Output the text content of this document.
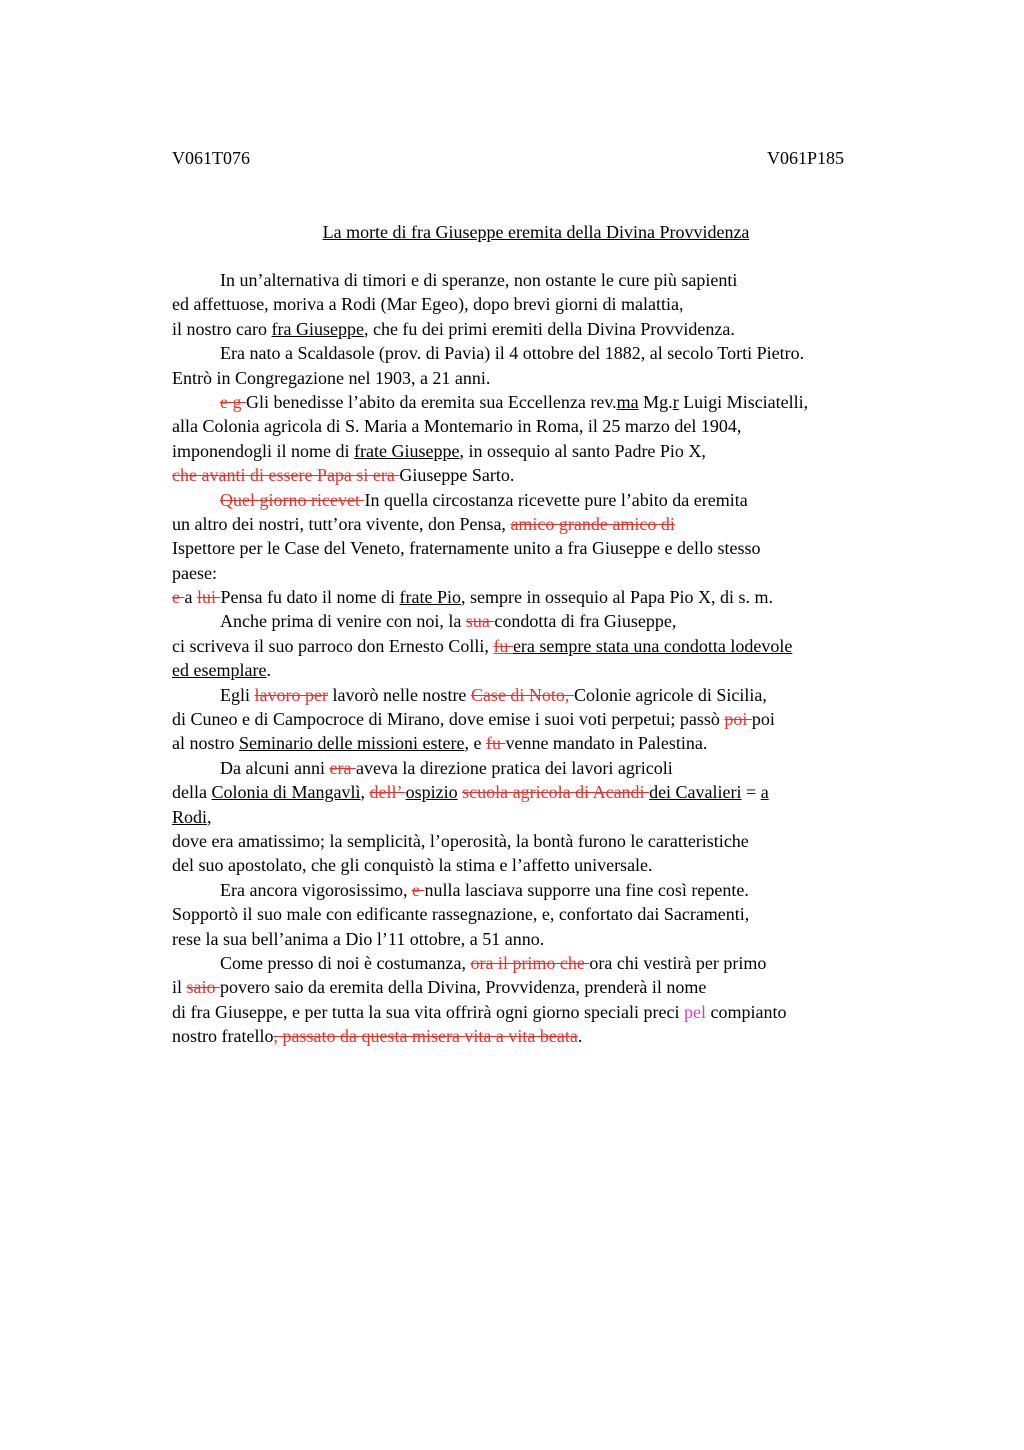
V061T076	V061P185
La morte di fra Giuseppe eremita della Divina Provvidenza
In un’alternativa di timori e di speranze, non ostante le cure più sapienti
ed affettuose, moriva a Rodi (Mar Egeo), dopo brevi giorni di malattia,
il nostro caro fra Giuseppe, che fu dei primi eremiti della Divina Provvidenza.
Era nato a Scaldasole (prov. di Pavia) il 4 ottobre del 1882, al secolo Torti Pietro.
Entrò in Congregazione nel 1903, a 21 anni.
e g Gli benedisse l’abito da eremita sua Eccellenza rev.ma Mg.r Luigi Misciatelli,
alla Colonia agricola di S. Maria a Montemario in Roma, il 25 marzo del 1904,
imponendogli il nome di frate Giuseppe, in ossequio al santo Padre Pio X,
che avanti di essere Papa si era Giuseppe Sarto.
Quel giorno ricevet In quella circostanza ricevette pure l’abito da eremita
un altro dei nostri, tutt’ora vivente, don Pensa, amico grande amico di
Ispettore per le Case del Veneto, fraternamente unito a fra Giuseppe e dello stesso
paese:
e a lui Pensa fu dato il nome di frate Pio, sempre in ossequio al Papa Pio X, di s. m.
Anche prima di venire con noi, la sua condotta di fra Giuseppe,
ci scriveva il suo parroco don Ernesto Colli, fu era sempre stata una condotta lodevole
ed esemplare.
Egli lavoro per lavorò nelle nostre Case di Noto, Colonie agricole di Sicilia,
di Cuneo e di Campocroce di Mirano, dove emise i suoi voti perpetui; passò poi poi
al nostro Seminario delle missioni estere, e fu venne mandato in Palestina.
Da alcuni anni era aveva la direzione pratica dei lavori agricoli
della Colonia di Mangavlì, dell’ ospizio scuola agricola di Acandi dei Cavalieri = a
Rodi,
dove era amatissimo; la semplicità, l’operosità, la bontà furono le caratteristiche
del suo apostolato, che gli conquistò la stima e l’affetto universale.
Era ancora vigorosissimo, e nulla lasciava supporre una fine così repente.
Sopportò il suo male con edificante rassegnazione, e, confortato dai Sacramenti,
rese la sua bell’anima a Dio l’11 ottobre, a 51 anno.
Come presso di noi è costumanza, ora il primo che ora chi vestirà per primo
il saio povero saio da eremita della Divina, Provvidenza, prenderà il nome
di fra Giuseppe, e per tutta la sua vita offrirà ogni giorno speciali preci pel compianto
nostro fratello, passato da questa misera vita a vita beata.
